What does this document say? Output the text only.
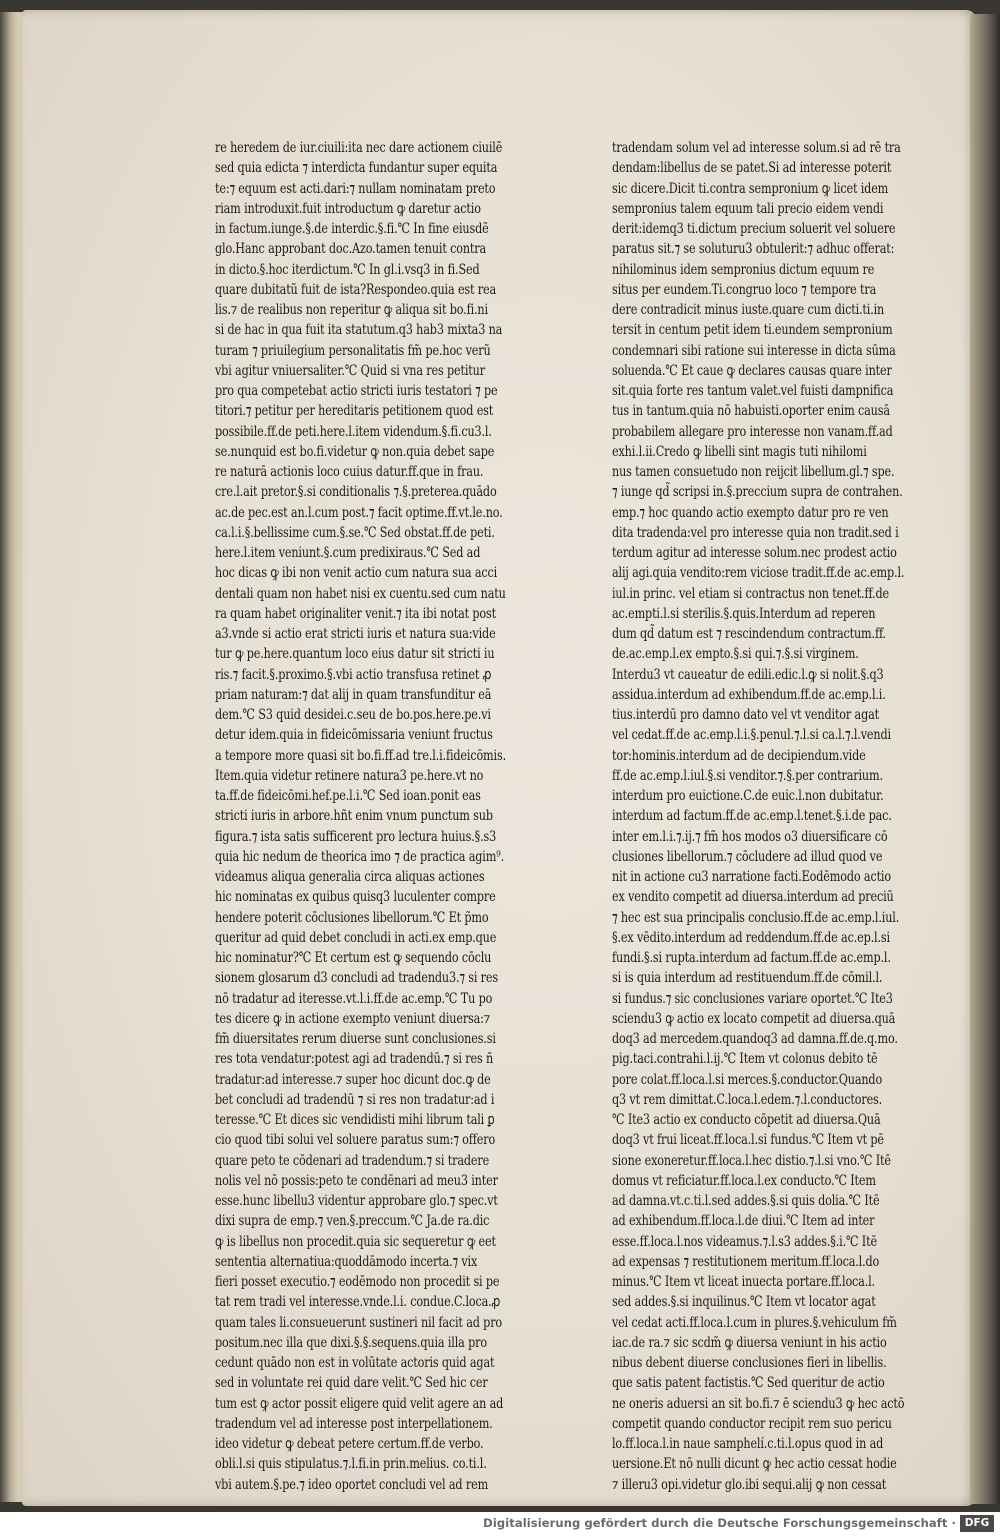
re heredem de iur.ciuili:ita nec dare actionem ciuilẽ
sed quia edicta ⁊ interdicta fundantur super equita
te:⁊ equum est acti.dari:⁊ nullam nominatam preto
riam introduxit.fuit introductum ꝙ daretur actio
in factum.iunge.§.de interdic.§.fi.℃ In fine eiusdẽ
glo.Hanc approbant doc.Azo.tamen tenuit contra
in dicto.§.hoc iterdictum.℃ In gl.i.vsq3 in fi.Sed
quare dubitatũ fuit de ista?Respondeo.quia est rea
lis.⁊ de realibus non reperitur ꝙ aliqua sit bo.fi.ni
si de hac in qua fuit ita statutum.q3 hab3 mixta3 na
turam ⁊ priuilegium personalitatis fm̃ pe.hoc verũ
vbi agitur vniuersaliter.℃ Quid si vna res petitur
pro qua competebat actio stricti iuris testatori ⁊ pe
titori.⁊ petitur per hereditaris petitionem quod est
possibile.ff.de peti.here.l.item videndum.§.fi.cu3.l.
se.nunquid est bo.fi.videtur ꝙ non.quia debet sape
re naturā actionis loco cuius datur.ff.que in frau.
cre.l.ait pretor.§.si conditionalis ⁊.§.preterea.quādo
ac.de pec.est an.l.cum post.⁊ facit optime.ff.vt.le.no.
ca.l.i.§.bellissime cum.§.se.℃ Sed obstat.ff.de peti.
here.l.item veniunt.§.cum predixiraus.℃ Sed ad
hoc dicas ꝙ ibi non venit actio cum natura sua acci
dentali quam non habet nisi ex cuentu.sed cum natu
ra quam habet originaliter venit.⁊ ita ibi notat post
a3.vnde si actio erat stricti iuris et natura sua:vide
tur ꝙ pe.here.quantum loco eius datur sit stricti iu
ris.⁊ facit.§.proximo.§.vbi actio transfusa retinet ꝓ
priam naturam:⁊ dat alij in quam transfunditur eā
dem.℃ S3 quid desidei.c.seu de bo.pos.here.pe.vi
detur idem.quia in fideicōmissaria veniunt fructus
a tempore more quasi sit bo.fi.ff.ad tre.l.i.fideicōmis.
Item.quia videtur retinere natura3 pe.here.vt no
ta.ff.de fideicōmi.hef.pe.l.i.℃ Sed ioan.ponit eas
stricti iuris in arbore.hñt enim vnum punctum sub
figura.⁊ ista satis sufficerent pro lectura huius.§.s3
quia hic nedum de theorica imo ⁊ de practica agim⁹.
videamus aliqua generalia circa aliquas actiones
hic nominatas ex quibus quisq3 luculenter compre
hendere poterit cōclusiones libellorum.℃ Et p̃mo
queritur ad quid debet concludi in acti.ex emp.que
hic nominatur?℃ Et certum est ꝙ sequendo cōclu
sionem glosarum d3 concludi ad tradendu3.⁊ si res
nō tradatur ad iteresse.vt.l.i.ff.de ac.emp.℃ Tu po
tes dicere ꝙ in actione exempto veniunt diuersa:⁊
fm̃ diuersitates rerum diuerse sunt conclusiones.si
res tota vendatur:potest agi ad tradendū.⁊ si res ñ
tradatur:ad interesse.⁊ super hoc dicunt doc.ꝙ de
bet concludi ad tradendū ⁊ si res non tradatur:ad i
teresse.℃ Et dices sic vendidisti mihi librum tali ꝑ
cio quod tibi solui vel soluere paratus sum:⁊ offero
quare peto te cōdenari ad tradendum.⁊ si tradere
nolis vel nō possis:peto te condēnari ad meu3 inter
esse.hunc libellu3 videntur approbare glo.⁊ spec.vt
dixi supra de emp.⁊ ven.§.preccum.℃ Ja.de ra.dic
ꝙ is libellus non procedit.quia sic sequeretur ꝙ eet
sententia alternatiua:quoddāmodo incerta.⁊ vix
fieri posset executio.⁊ eodēmodo non procedit si pe
tat rem tradi vel interesse.vnde.l.i. condue.C.loca.ꝓ
quam tales li.consueuerunt sustineri nil facit ad pro
positum.nec illa que dixi.§.§.sequens.quia illa pro
cedunt quādo non est in volūtate actoris quid agat
sed in voluntate rei quid dare velit.℃ Sed hic cer
tum est ꝙ actor possit eligere quid velit agere an ad
tradendum vel ad interesse post interpellationem.
ideo videtur ꝙ debeat petere certum.ff.de verbo.
obli.l.si quis stipulatus.⁊.l.fi.in prin.melius. co.ti.l.
vbi autem.§.pe.⁊ ideo oportet concludi vel ad rem
tradendam solum vel ad interesse solum.si ad rē tra
dendam:libellus de se patet.Si ad interesse poterit
sic dicere.Dicit ti.contra sempronium ꝙ licet idem
sempronius talem equum tali precio eidem vendi
derit:idemq3 ti.dictum precium soluerit vel soluere
paratus sit.⁊ se soluturu3 obtulerit:⁊ adhuc offerat:
nihilominus idem sempronius dictum equum re
situs per eundem.Ti.congruo loco ⁊ tempore tra
dere contradicit minus iuste.quare cum dicti.ti.in
tersit in centum petit idem ti.eundem sempronium
condemnari sibi ratione sui interesse in dicta sūma
soluenda.℃ Et caue ꝙ declares causas quare inter
sit.quia forte res tantum valet.vel fuisti dampnifica
tus in tantum.quia nō habuisti.oporter enim causā
probabilem allegare pro interesse non vanam.ff.ad
exhi.l.ii.Credo ꝙ libelli sint magis tuti nihilomi
nus tamen consuetudo non reijcit libellum.gl.⁊ spe.
⁊ iunge qd̃ scripsi in.§.preccium supra de contrahen.
emp.⁊ hoc quando actio exempto datur pro re ven
dita tradenda:vel pro interesse quia non tradit.sed i
terdum agitur ad interesse solum.nec prodest actio
alij agi.quia vendito:rem viciose tradit.ff.de ac.emp.l.
iul.in princ. vel etiam si contractus non tenet.ff.de
ac.empti.l.si sterilis.§.quis.Interdum ad reperen
dum qd̃ datum est ⁊ rescindendum contractum.ff.
de.ac.emp.l.ex empto.§.si qui.⁊.§.si virginem.
Interdu3 vt caueatur de edili.edic.l.ꝙ si nolit.§.q3
assidua.interdum ad exhibendum.ff.de ac.emp.l.i.
tius.interdū pro damno dato vel vt venditor agat
vel cedat.ff.de ac.emp.l.i.§.penul.⁊.l.si ca.l.⁊.l.vendi
tor:hominis.interdum ad de decipiendum.vide
ff.de ac.emp.l.iul.§.si venditor.⁊.§.per contrarium.
interdum pro euictione.C.de euic.l.non dubitatur.
interdum ad factum.ff.de ac.emp.l.tenet.§.i.de pac.
inter em.l.i.⁊.ij.⁊ fm̃ hos modos o3 diuersificare cō
clusiones libellorum.⁊ cōcludere ad illud quod ve
nit in actione cu3 narratione facti.Eodēmodo actio
ex vendito competit ad diuersa.interdum ad preciū
⁊ hec est sua principalis conclusio.ff.de ac.emp.l.iul.
§.ex vēdito.interdum ad reddendum.ff.de ac.ep.l.si
fundi.§.si rupta.interdum ad factum.ff.de ac.emp.l.
si is quia interdum ad restituendum.ff.de cōmil.l.
si fundus.⁊ sic conclusiones variare oportet.℃ Ite3
sciendu3 ꝙ actio ex locato competit ad diuersa.quā
doq3 ad mercedem.quandoq3 ad damna.ff.de.q.mo.
pig.taci.contrahi.l.ij.℃ Item vt colonus debito tē
pore colat.ff.loca.l.si merces.§.conductor.Quando
q3 vt rem dimittat.C.loca.l.edem.⁊.l.conductores.
℃ Ite3 actio ex conducto cōpetit ad diuersa.Quā
doq3 vt frui liceat.ff.loca.l.si fundus.℃ Item vt pē
sione exoneretur.ff.loca.l.hec distio.⁊.l.si vno.℃ Itē
domus vt reficiatur.ff.loca.l.ex conducto.℃ Item
ad damna.vt.c.ti.l.sed addes.§.si quis dolia.℃ Itē
ad exhibendum.ff.loca.l.de diui.℃ Item ad inter
esse.ff.loca.l.nos videamus.⁊.l.s3 addes.§.i.℃ Itē
ad expensas ⁊ restitutionem meritum.ff.loca.l.do
minus.℃ Item vt liceat inuecta portare.ff.loca.l.
sed addes.§.si inquilinus.℃ Item vt locator agat
vel cedat acti.ff.loca.l.cum in plures.§.vehiculum fm̃
iac.de ra.⁊ sic scdm̃ ꝙ diuersa veniunt in his actio
nibus debent diuerse conclusiones fieri in libellis.
que satis patent factistis.℃ Sed queritur de actio
ne oneris aduersi an sit bo.fi.⁊ ē sciendu3 ꝙ hec actō
competit quando conductor recipit rem suo pericu
lo.ff.loca.l.in naue samphelí.c.ti.l.opus quod in ad
uersione.Et nō nulli dicunt ꝙ hec actio cessat hodie
⁊ illeru3 opi.videtur glo.ibi sequi.alij ꝙ non cessat
Digitalisierung gefördert durch die Deutsche Forschungsgemeinschaft · DFG
